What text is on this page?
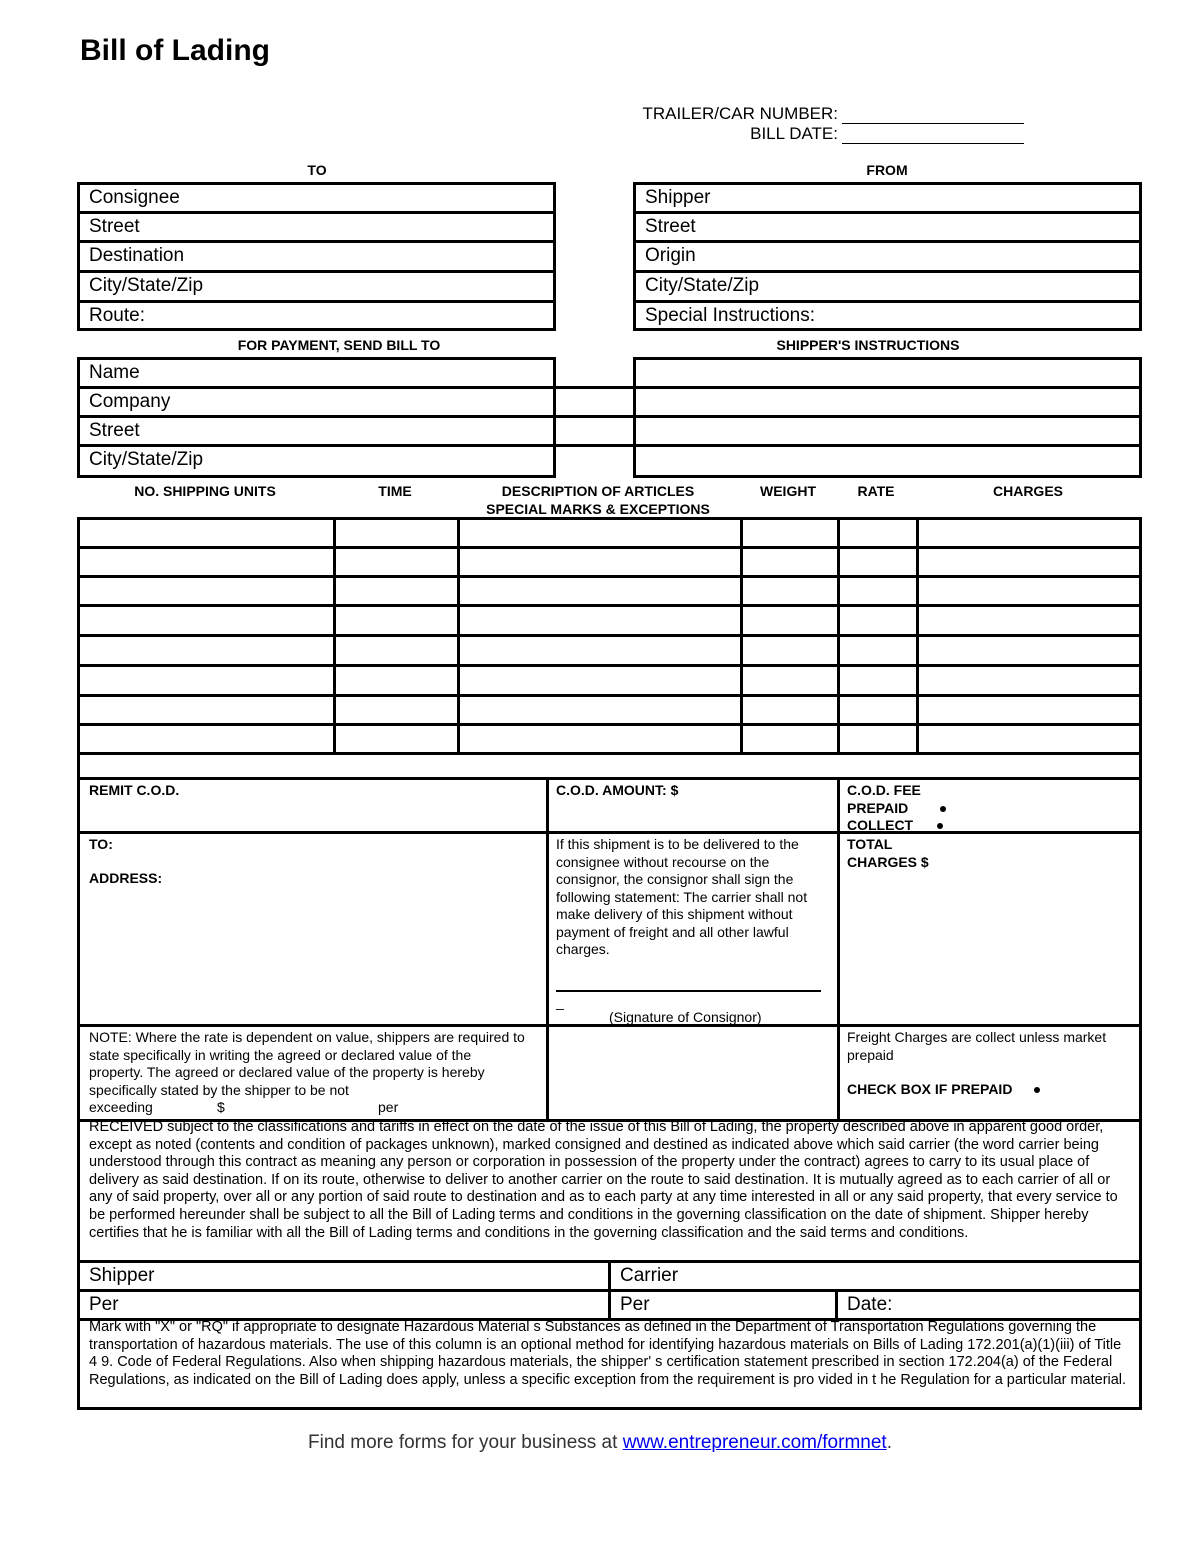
Bill of Lading
TRAILER/CAR NUMBER:
BILL DATE:
TO	FROM
Consignee
Street
Destination
City/State/Zip
Route:
Shipper
Street
Origin
City/State/Zip
Special Instructions:
FOR PAYMENT, SEND BILL TO	SHIPPER'S INSTRUCTIONS
Name
Company
Street
City/State/Zip
NO. SHIPPING UNITS	TIME	DESCRIPTION OF ARTICLES
SPECIAL MARKS & EXCEPTIONS
WEIGHT	RATE	CHARGES
REMIT C.O.D.	C.O.D. AMOUNT: $	C.O.D. FEE
PREPAID
COLLECT
TO:
ADDRESS:
If this shipment is to be delivered to the consignee without recourse on the consignor, the consignor shall sign the following statement: The carrier shall not make delivery of this shipment without payment of freight and all other lawful charges.
_
(Signature of Consignor)
TOTAL
CHARGES $
NOTE: Where the rate is dependent on value, shippers are required to state specifically in writing the agreed or declared value of the property. The agreed or declared value of the property is hereby specifically stated by the shipper to be not
exceeding	$	per
Freight Charges are collect unless market prepaid
CHECK BOX IF PREPAID
RECEIVED subject to the classifications and tariffs in effect on the date of the issue of this Bill of Lading, the property described above in apparent good order, except as noted (contents and condition of packages unknown), marked consigned and destined as indicated above which said carrier (the word carrier being understood through this contract as meaning any person or corporation in possession of the property under the contract) agrees to carry to its usual place of delivery as said destination. If on its route, otherwise to deliver to another carrier on the route to said destination. It is mutually agreed as to each carrier of all or any of said property, over all or any portion of said route to destination and as to each party at any time interested in all or any said property, that every service to be performed hereunder shall be subject to all the Bill of Lading terms and conditions in the governing classification on the date of shipment. Shipper hereby certifies that he is familiar with all the Bill of Lading terms and conditions in the governing classification and the said terms and conditions.
Shipper	Carrier
Per	Per	Date:
Mark with "X" or "RQ" if appropriate to designate Hazardous Material s Substances as defined in the Department of Transportation Regulations governing the transportation of hazardous materials. The use of this column is an optional method for identifying hazardous materials on Bills of Lading 172.201(a)(1)(iii) of Title 4 9. Code of Federal Regulations. Also when shipping hazardous materials, the shipper' s certification statement prescribed in section 172.204(a) of the Federal Regulations, as indicated on the Bill of Lading does apply, unless a specific exception from the requirement is pro vided in t he Regulation for a particular material.
Find more forms for your business at www.entrepreneur.com/formnet.
